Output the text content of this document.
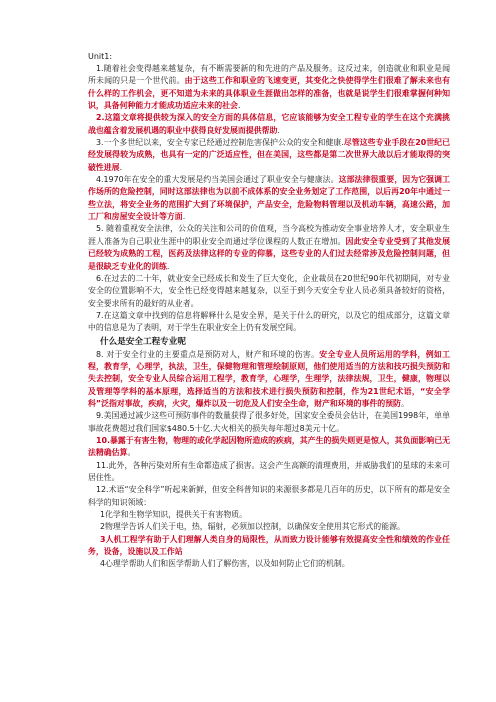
Unit1:

1.随着社会变得越来越复杂，有不断需要新的和先进的产品及服务。这反过来，创造就业和职业是闻所未闻的只是一个世代前。由于这些工作和职业的飞速变更，其变化之快使得学生们很难了解未来也有什么样的工作机会，更不知道为未来的具体职业生涯做出怎样的准备，也就是说学生们很难掌握何种知识，具备何种能力才能成功适应未来的社会.

2.这篇文章将提供较为深入的安全方面的具体信息，它应该能够为安全工程专业的学生在这个充满挑战也蕴含着发展机遇的职业中获得良好发展而提供帮助.

3.一个多世纪以来，安全专家已经通过控制危害保护公众的安全和健康.尽管这些专业手段在20世纪已经发展得较为成熟，也具有一定的广泛适应性，但在美国，这些都是第二次世界大战以后才能取得的突破性进展.

4.1970年在安全的重大发展是约当美国会通过了职业安全与健康法。这部法律很重要，因为它强调工作场所的危险控制，同时这部法律也为以前不成体系的安全业务划定了工作范围，以后再20年中通过一些立法，将安全业务的范围扩大到了环境保护，产品安全，危险物料管理以及机动车辆，高速公路，加工厂和房屋安全设计等方面.

5. 随着重视安全法律，公众的关注和公司的价值观，当今高校为推动安全事业培养人才，安全职业生涯人准备为自己职业生涯中的职业安全而通过学位课程的人数正在增加。因此安全专业受到了其他发展已经较为成熟的工程，医药及法律这样的专业的仰慕，这些专业的人们过去经常涉及危险控制问题，但是很缺乏专业化的训练.

6.在过去的二十年，就业安全已经成长和发生了巨大变化，企业裁员在20世纪90年代初期间，对专业安全的位置影响不大，安全性已经变得越来越复杂，以至于到今天安全专业人员必须具备较好的资格，安全要求所有的最好的从业者。

7.在这篇文章中找到的信息将解释什么是安全界，是关于什么的研究，以及它的组成部分，这篇文章中的信息是为了表明，对于学生在职业安全上仍有发展空间。

什么是安全工程专业呢

8. 对于安全行业的主要重点是预防对人，财产和环境的伤害。安全专业人员所运用的学科，例如工程，教育学，心理学，执法，卫生，保健物理和管理绘制原则，他们使用适当的方法和技巧损失预防和失去控制，安全专业人员综合运用工程学，教育学，心理学，生理学，法律法规，卫生，健康，物理以及管理等学科的基本原理，选择适当的方法和技术进行损失预防和控制，作为21世纪术语，“安全学科”泛指对事故，疾病，火灾，爆炸以及一切危及人们安全生命，财产和环境的事件的预防。

9.美国通过减少这些可预防事件的数量获得了很多好处，国家安全委员会估计，在美国1998年，单单事故花费超过我们国家$480.5十亿.大火相关的损失每年超过8美元十亿。

10.暴露于有害生物，物理的或化学起因物所造成的疾病，其产生的损失则更是惊人，其负面影响已无法精确估算。

11.此外，各种污染对所有生命都造成了损害。这会产生高额的清理费用，并威胁我们的星球的未来可居住性。

12.术语“安全科学”听起来新鲜，但安全科普知识的来源很多都是几百年的历史，以下所有的都是安全科学的知识领域：

1化学和生物学知识，提供关于有害物质。

2物理学告诉人们关于电，热，辐射，必须加以控制，以确保安全使用其它形式的能源。

3人机工程学有助于人们理解人类自身的局限性，从而致力设计能够有效提高安全性和绩效的作业任务，设备，设施以及工作站

4心理学帮助人们和医学帮助人们了解伤害，以及如何防止它们的机制。
